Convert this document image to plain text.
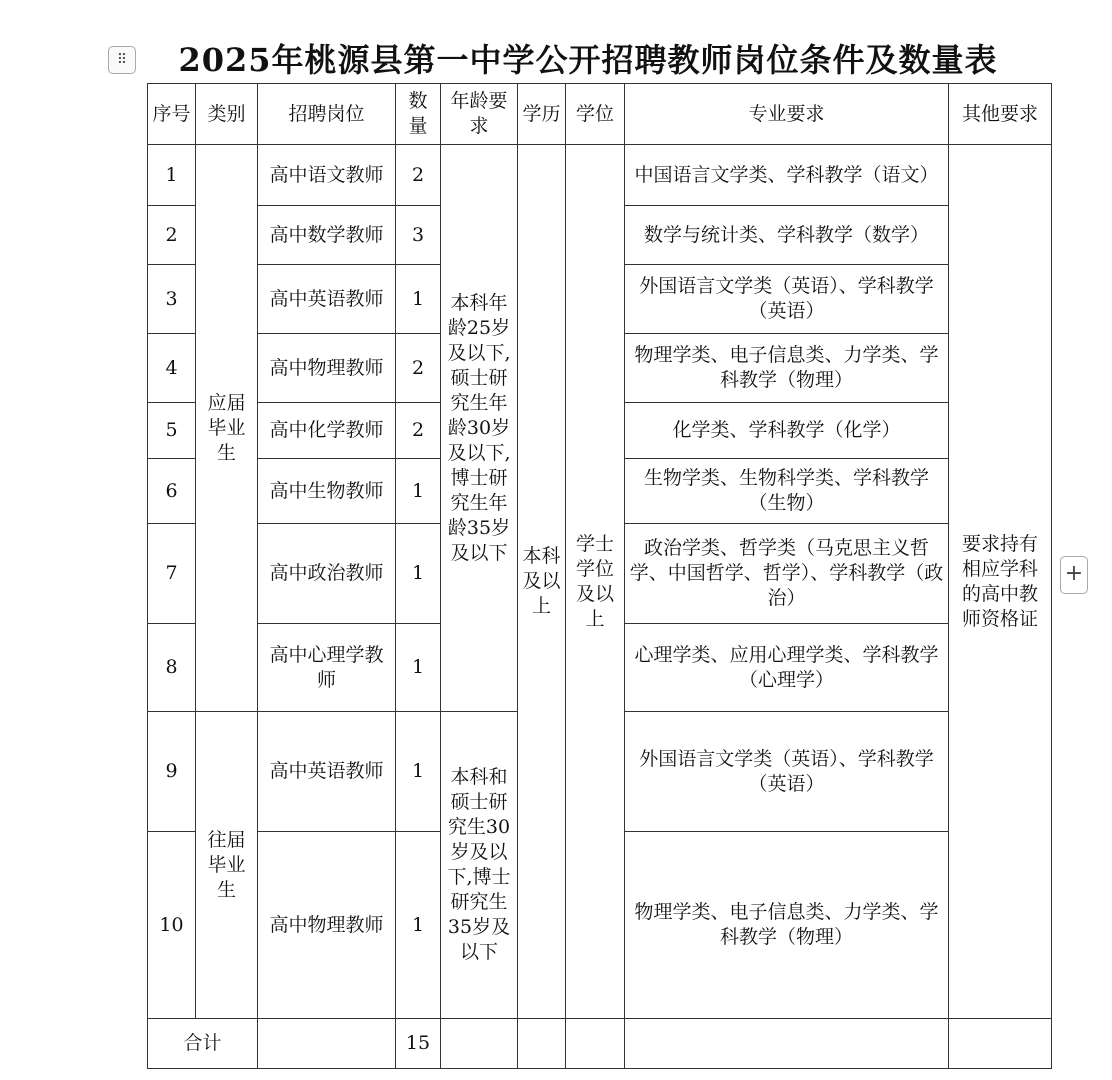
⠿	2025年桃源县第一中学公开招聘教师岗位条件及数量表
序号	类别	招聘岗位	数量	年龄要求	学历	学位	专业要求	其他要求
1	应届毕业生	高中语文教师	2	本科年龄25岁及以下,硕士研究生年龄30岁及以下,博士研究生年龄35岁及以下	本科及以上	学士学位及以上	中国语言文学类、学科教学（语文）	要求持有相应学科的高中教师资格证
2		高中数学教师	3				数学与统计类、学科教学（数学）	
3		高中英语教师	1				外国语言文学类（英语）、学科教学（英语）	
4		高中物理教师	2				物理学类、电子信息类、力学类、学科教学（物理）	
5		高中化学教师	2				化学类、学科教学（化学）	
6		高中生物教师	1				生物学类、生物科学类、学科教学（生物）	
7		高中政治教师	1				政治学类、哲学类（马克思主义哲学、中国哲学、哲学）、学科教学（政治）	
8		高中心理学教师	1				心理学类、应用心理学类、学科教学（心理学）	
9	往届毕业生	高中英语教师	1	本科和硕士研究生30岁及以下,博士研究生35岁及以下			外国语言文学类（英语）、学科教学（英语）	
10		高中物理教师	1				物理学类、电子信息类、力学类、学科教学（物理）	
合计			15					
+
